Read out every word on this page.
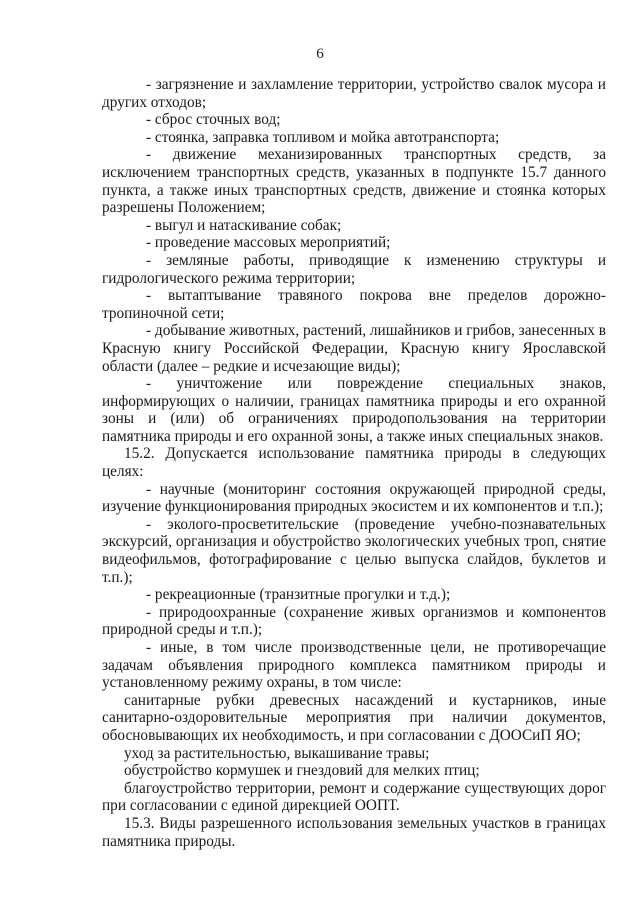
6

- загрязнение и захламление территории, устройство свалок мусора и других отходов;

- сброс сточных вод;

- стоянка, заправка топливом и мойка автотранспорта;

- движение механизированных транспортных средств, за исключением транспортных средств, указанных в подпункте 15.7 данного пункта, а также иных транспортных средств, движение и стоянка которых разрешены Положением;

- выгул и натаскивание собак;

- проведение массовых мероприятий;

- земляные работы, приводящие к изменению структуры и гидрологического режима территории;

- вытаптывание травяного покрова вне пределов дорожно-тропиночной сети;

- добывание животных, растений, лишайников и грибов, занесенных в Красную книгу Российской Федерации, Красную книгу Ярославской области (далее – редкие и исчезающие виды);

- уничтожение или повреждение специальных знаков, информирующих о наличии, границах памятника природы и его охранной зоны и (или) об ограничениях природопользования на территории памятника природы и его охранной зоны, а также иных специальных знаков.

15.2. Допускается использование памятника природы в следующих целях:

- научные (мониторинг состояния окружающей природной среды, изучение функционирования природных экосистем и их компонентов и т.п.);

- эколого-просветительские (проведение учебно-познавательных экскурсий, организация и обустройство экологических учебных троп, снятие видеофильмов, фотографирование с целью выпуска слайдов, буклетов и т.п.);

- рекреационные (транзитные прогулки и т.д.);

- природоохранные (сохранение живых организмов и компонентов природной среды и т.п.);

- иные, в том числе производственные цели, не противоречащие задачам объявления природного комплекса памятником природы и установленному режиму охраны, в том числе:

санитарные рубки древесных насаждений и кустарников, иные санитарно-оздоровительные мероприятия при наличии документов, обосновывающих их необходимость, и при согласовании с ДООСиП ЯО;

уход за растительностью, выкашивание травы;

обустройство кормушек и гнездовий для мелких птиц;

благоустройство территории, ремонт и содержание существующих дорог при согласовании с единой дирекцией ООПТ.

15.3. Виды разрешенного использования земельных участков в границах памятника природы.
